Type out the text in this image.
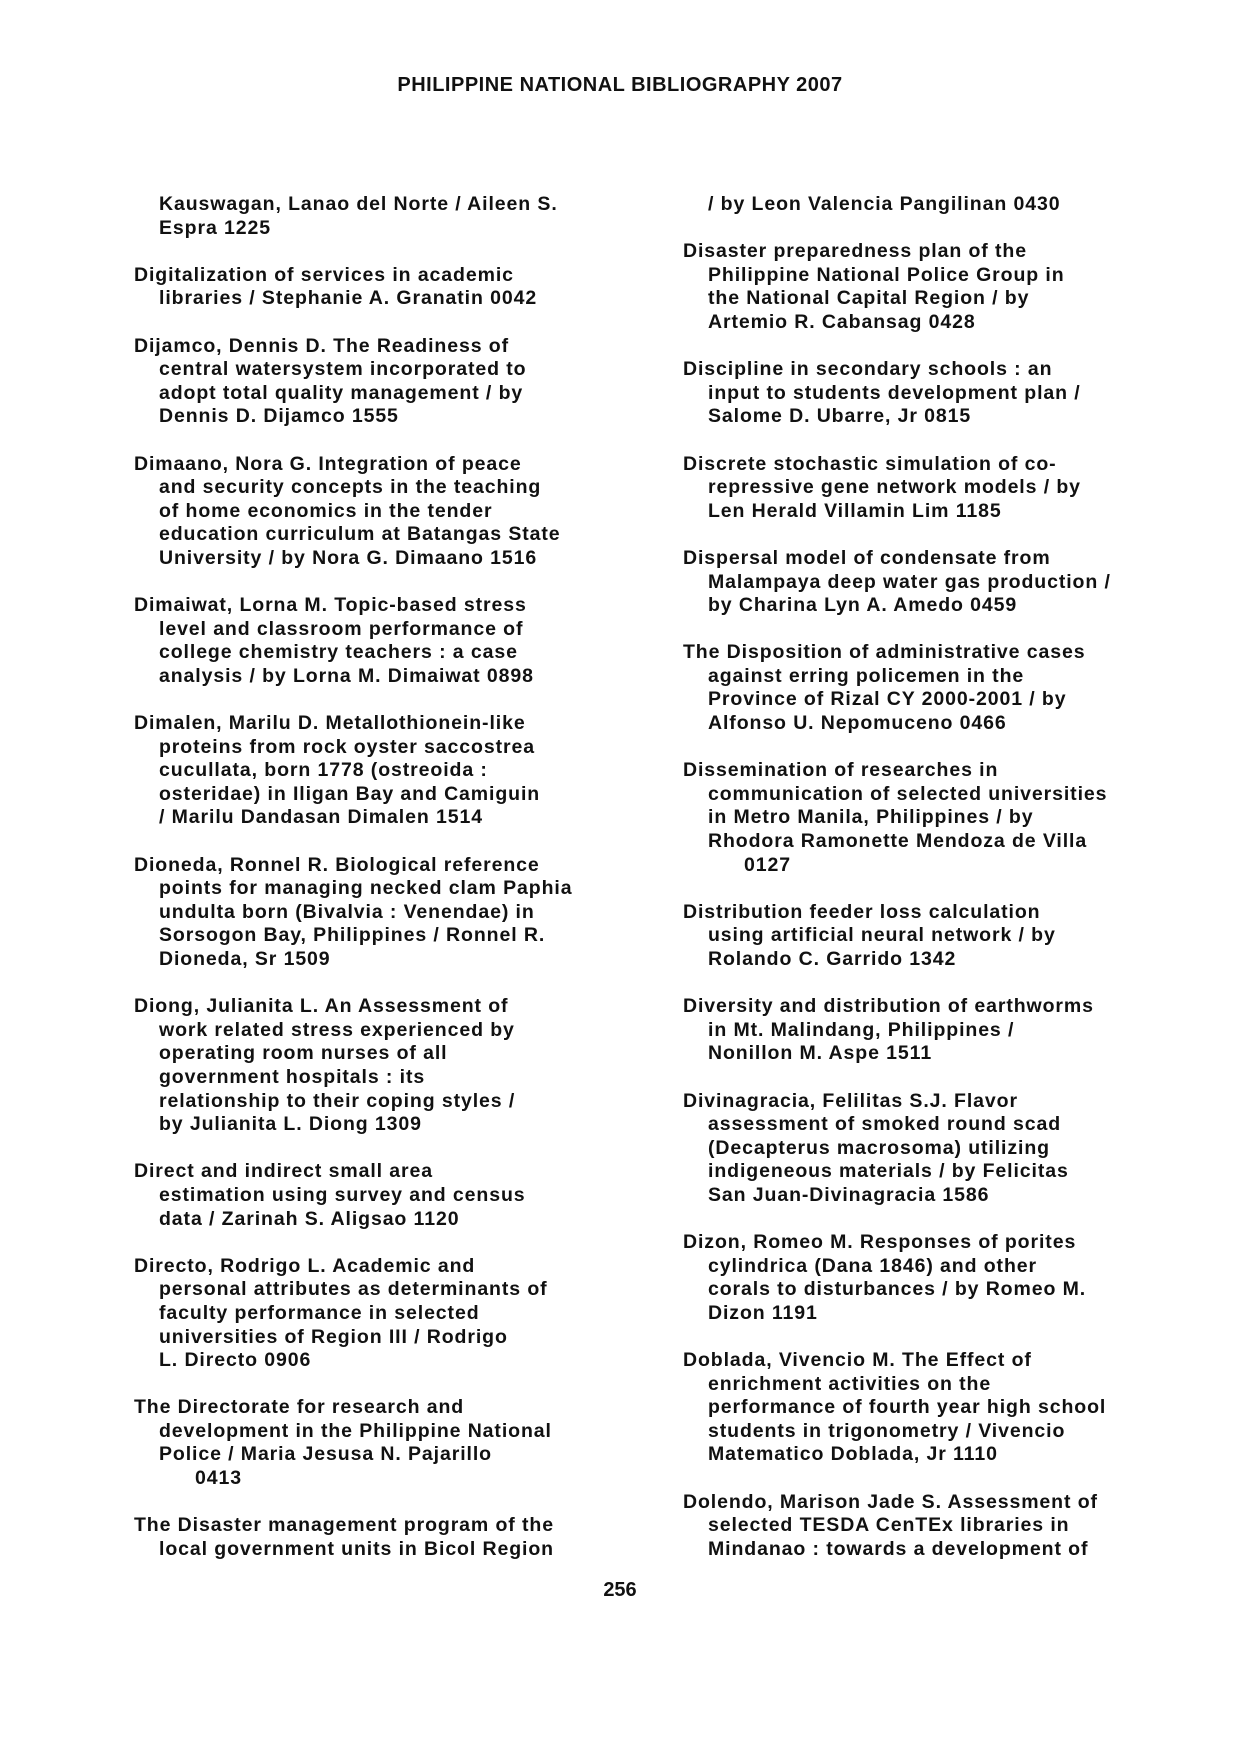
PHILIPPINE NATIONAL BIBLIOGRAPHY 2007
Kauswagan, Lanao del Norte / Aileen S.
Espra 1225
Digitalization of services in academic
libraries / Stephanie A. Granatin 0042
Dijamco, Dennis D. The Readiness of
central watersystem incorporated to
adopt total quality management / by
Dennis D. Dijamco 1555
Dimaano, Nora G. Integration of peace
and security concepts in the teaching
of home economics in the tender
education curriculum at Batangas State
University / by Nora G. Dimaano 1516
Dimaiwat, Lorna M. Topic-based stress
level and classroom performance of
college chemistry teachers : a case
analysis / by Lorna M. Dimaiwat 0898
Dimalen, Marilu D. Metallothionein-like
proteins from rock oyster saccostrea
cucullata, born 1778 (ostreoida :
osteridae) in Iligan Bay and Camiguin
/ Marilu Dandasan Dimalen 1514
Dioneda, Ronnel R. Biological reference
points for managing necked clam Paphia
undulta born (Bivalvia : Venendae) in
Sorsogon Bay, Philippines / Ronnel R.
Dioneda, Sr 1509
Diong, Julianita L. An Assessment of
work related stress experienced by
operating room nurses of all
government hospitals : its
relationship to their coping styles /
by Julianita L. Diong 1309
Direct and indirect small area
estimation using survey and census
data / Zarinah S. Aligsao 1120
Directo, Rodrigo L. Academic and
personal attributes as determinants of
faculty performance in selected
universities of Region III / Rodrigo
L. Directo 0906
The Directorate for research and
development in the Philippine National
Police / Maria Jesusa N. Pajarillo
0413
The Disaster management program of the
local government units in Bicol Region
/ by Leon Valencia Pangilinan 0430
Disaster preparedness plan of the
Philippine National Police Group in
the National Capital Region / by
Artemio R. Cabansag 0428
Discipline in secondary schools : an
input to students development plan /
Salome D. Ubarre, Jr 0815
Discrete stochastic simulation of co-
repressive gene network models / by
Len Herald Villamin Lim 1185
Dispersal model of condensate from
Malampaya deep water gas production /
by Charina Lyn A. Amedo 0459
The Disposition of administrative cases
against erring policemen in the
Province of Rizal CY 2000-2001 / by
Alfonso U. Nepomuceno 0466
Dissemination of researches in
communication of selected universities
in Metro Manila, Philippines / by
Rhodora Ramonette Mendoza de Villa
0127
Distribution feeder loss calculation
using artificial neural network / by
Rolando C. Garrido 1342
Diversity and distribution of earthworms
in Mt. Malindang, Philippines /
Nonillon M. Aspe 1511
Divinagracia, Felilitas S.J. Flavor
assessment of smoked round scad
(Decapterus macrosoma) utilizing
indigeneous materials / by Felicitas
San Juan-Divinagracia 1586
Dizon, Romeo M. Responses of porites
cylindrica (Dana 1846) and other
corals to disturbances / by Romeo M.
Dizon 1191
Doblada, Vivencio M. The Effect of
enrichment activities on the
performance of fourth year high school
students in trigonometry / Vivencio
Matematico Doblada, Jr 1110
Dolendo, Marison Jade S. Assessment of
selected TESDA CenTEx libraries in
Mindanao : towards a development of
256
